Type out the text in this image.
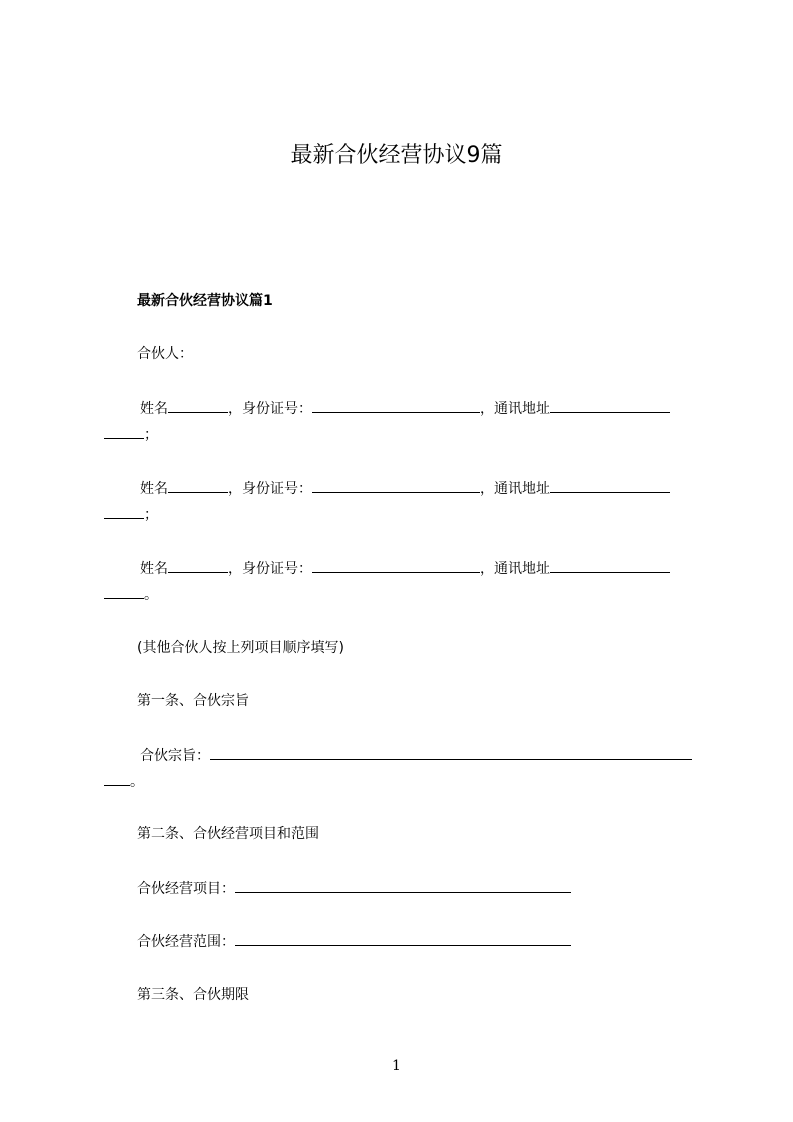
最新合伙经营协议9篇
最新合伙经营协议篇1
合伙人：
姓名	，身份证号：	，通讯地址
；
姓名	，身份证号：	，通讯地址
；
姓名	，身份证号：	，通讯地址
。
(其他合伙人按上列项目顺序填写)
第一条、合伙宗旨
合伙宗旨：
。
第二条、合伙经营项目和范围
合伙经营项目：
合伙经营范围：
第三条、合伙期限
1
